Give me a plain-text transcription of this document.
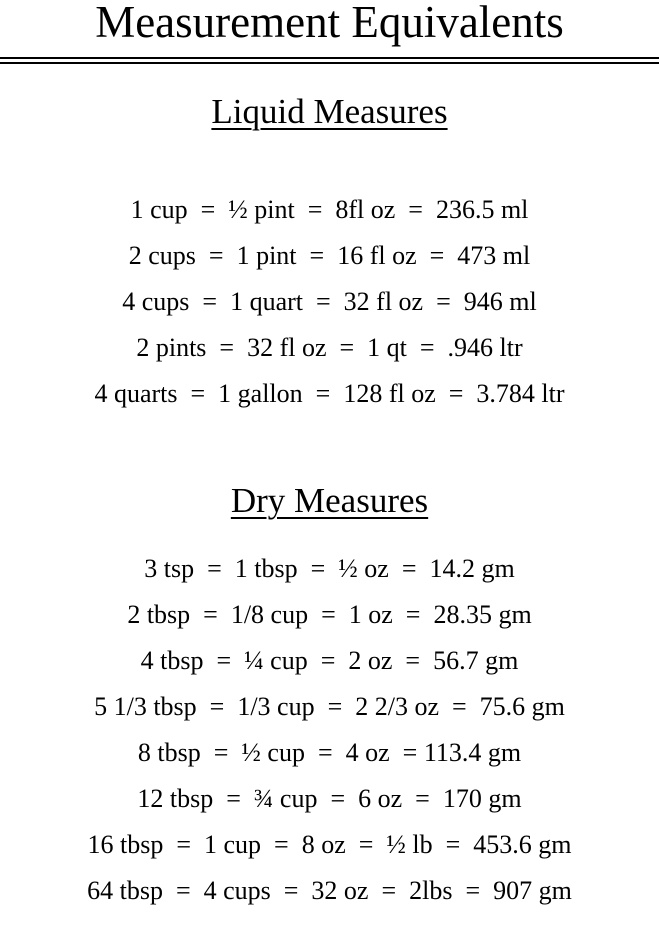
Measurement Equivalents
Liquid Measures
1 cup  =  ½ pint  =  8fl oz  =  236.5 ml
2 cups  =  1 pint  =  16 fl oz  =  473 ml
4 cups  =  1 quart  =  32 fl oz  =  946 ml
2 pints  =  32 fl oz  =  1 qt  =  .946 ltr
4 quarts  =  1 gallon  =  128 fl oz  =  3.784 ltr
Dry Measures
3 tsp  =  1 tbsp  =  ½ oz  =  14.2 gm
2 tbsp  =  1/8 cup  =  1 oz  =  28.35 gm
4 tbsp  =  ¼ cup  =  2 oz  =  56.7 gm
5 1/3 tbsp  =  1/3 cup  =  2 2/3 oz  =  75.6 gm
8 tbsp  =  ½ cup  =  4 oz  = 113.4 gm
12 tbsp  =  ¾ cup  =  6 oz  =  170 gm
16 tbsp  =  1 cup  =  8 oz  =  ½ lb  =  453.6 gm
64 tbsp  =  4 cups  =  32 oz  =  2lbs  =  907 gm
